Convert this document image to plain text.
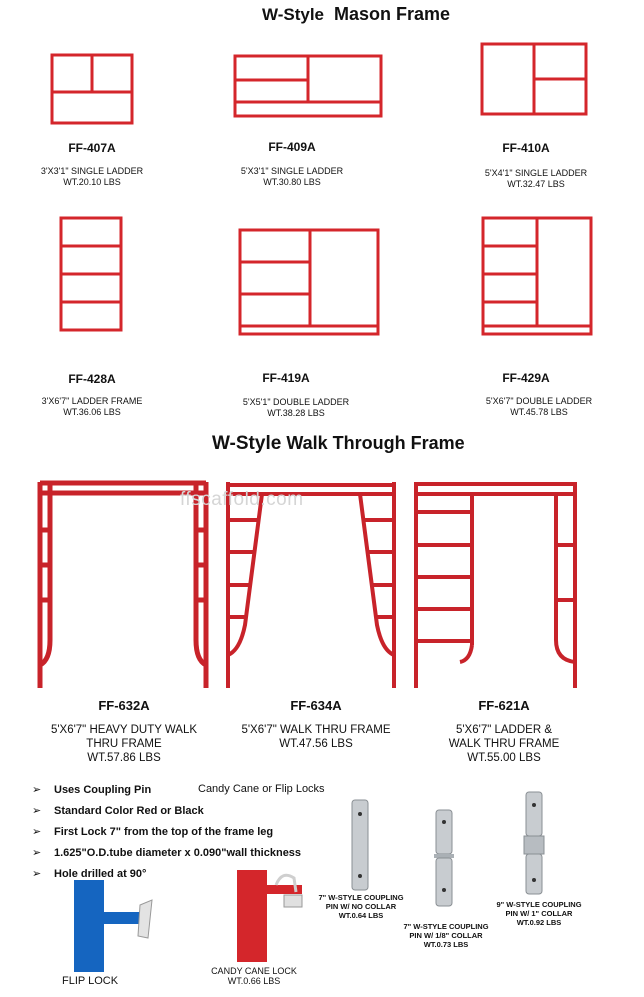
W-Style Mason Frame
FF-407A
3'X3'1" SINGLE LADDER
WT.20.10 LBS
FF-409A
5'X3'1" SINGLE LADDER
WT.30.80 LBS
FF-410A
5'X4'1" SINGLE LADDER
WT.32.47 LBS
FF-428A
3'X6'7" LADDER FRAME
WT.36.06 LBS
FF-419A
5'X5'1" DOUBLE LADDER
WT.38.28 LBS
FF-429A
5'X6'7" DOUBLE LADDER
WT.45.78 LBS
W-Style Walk Through Frame
ffscaffold.com
FF-632A
5'X6'7" HEAVY DUTY WALK
THRU FRAME
WT.57.86 LBS
FF-634A
5'X6'7" WALK THRU FRAME
WT.47.56 LBS
FF-621A
5'X6'7" LADDER &
WALK THRU FRAME
WT.55.00 LBS
➢ Uses Coupling Pin
➢ Standard Color Red or Black
➢ First Lock 7" from the top of the frame leg
➢ 1.625"O.D.tube diameter x 0.090"wall thickness
➢ Hole drilled at 90°
Candy Cane or Flip Locks
7" W-STYLE COUPLING
PIN W/ NO COLLAR
WT.0.64 LBS
7" W-STYLE COUPLING
PIN W/ 1/8" COLLAR
WT.0.73 LBS
9" W-STYLE COUPLING
PIN W/ 1" COLLAR
WT.0.92 LBS
FLIP LOCK
CANDY CANE LOCK
WT.0.66 LBS
